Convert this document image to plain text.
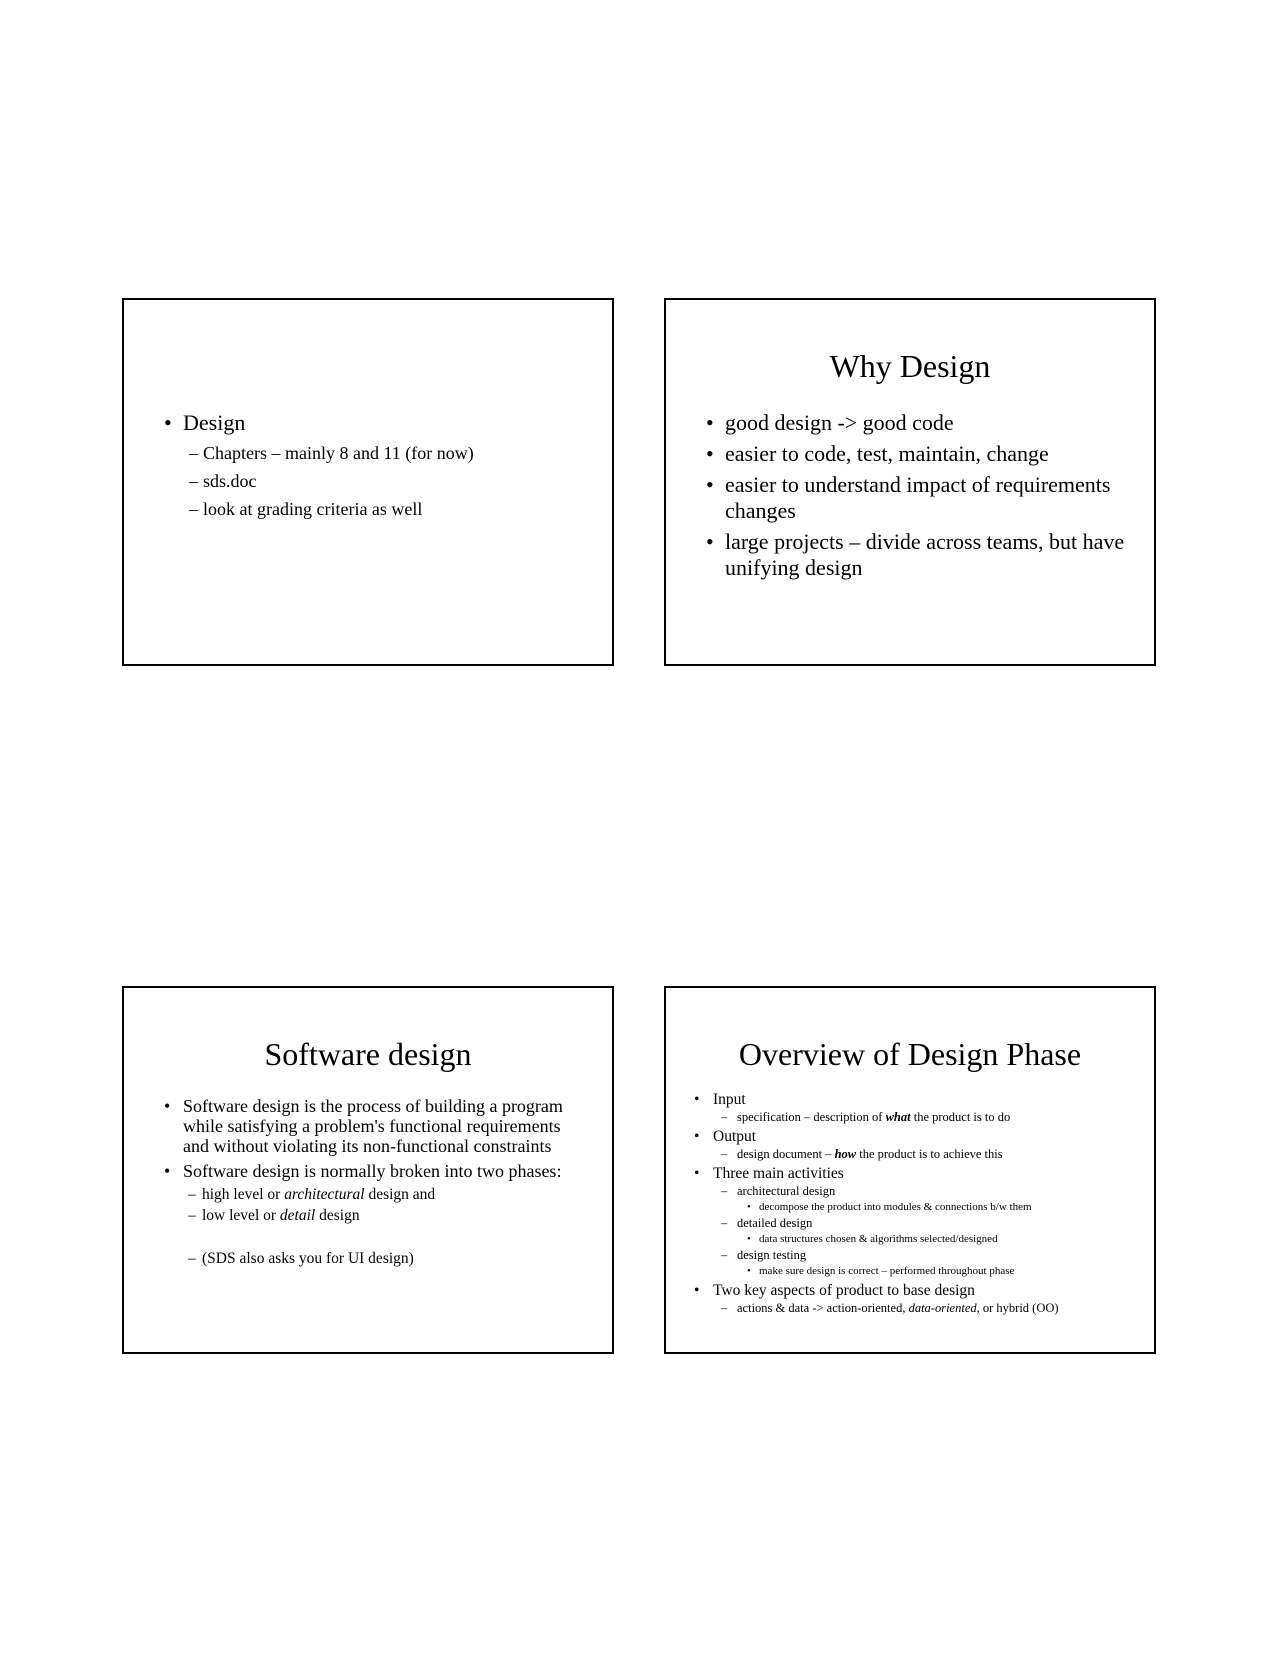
• Design
– Chapters – mainly 8 and 11 (for now)
– sds.doc
– look at grading criteria as well
Why Design
• good design -> good code
• easier to code, test, maintain, change
• easier to understand impact of requirements changes
• large projects – divide across teams, but have unifying design
Software design
• Software design is the process of building a program while satisfying a problem's functional requirements and without violating its non-functional constraints
• Software design is normally broken into two phases:
– high level or architectural design and
– low level or detail design
– (SDS also asks you for UI design)
Overview of Design Phase
• Input
– specification – description of what the product is to do
• Output
– design document – how the product is to achieve this
• Three main activities
– architectural design
• decompose the product into modules & connections b/w them
– detailed design
• data structures chosen & algorithms selected/designed
– design testing
• make sure design is correct – performed throughout phase
• Two key aspects of product to base design
– actions & data -> action-oriented, data-oriented, or hybrid (OO)
